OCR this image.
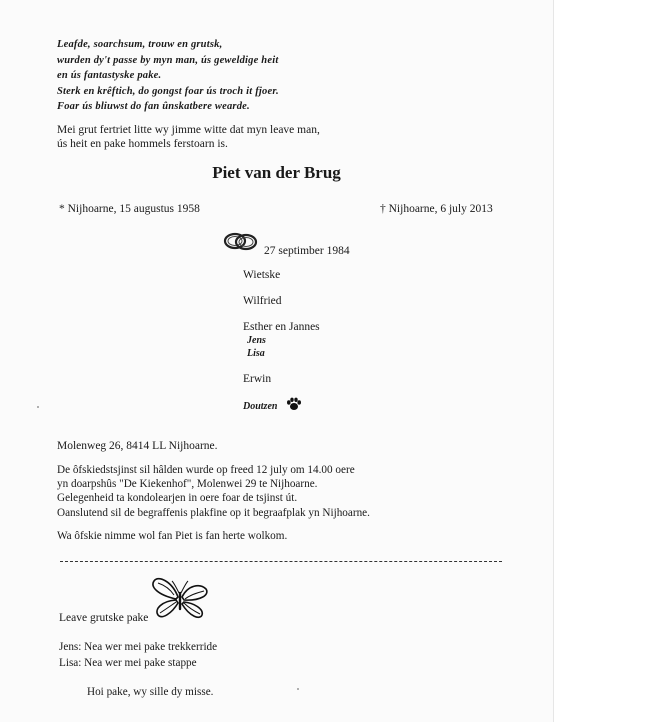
Leafde, soarchsum, trouw en grutsk,
wurden dy't passe by myn man, ús geweldige heit
en ús fantastyske pake.
Sterk en krêftich, do gongst foar ús troch it fjoer.
Foar ús bliuwst do fan ûnskatbere wearde.
Mei grut fertriet litte wy jimme witte dat myn leave man,
ús heit en pake hommels ferstoarn is.
Piet van der Brug
* Nijhoarne, 15 augustus 1958	† Nijhoarne, 6 july 2013
27 septimber 1984
Wietske
Wilfried
Esther en Jannes
Jens
Lisa
Erwin
Doutzen
Molenweg 26, 8414 LL Nijhoarne.
De ôfskiedstsjinst sil hâlden wurde op freed 12 july om 14.00 oere
yn doarpshûs "De Kiekenhof", Molenwei 29 te Nijhoarne.
Gelegenheid ta kondolearjen in oere foar de tsjinst út.
Oanslutend sil de begraffenis plakfine op it begraafplak yn Nijhoarne.
Wa ôfskie nimme wol fan Piet is fan herte wolkom.
Leave grutske pake
Jens: Nea wer mei pake trekkerride
Lisa: Nea wer mei pake stappe
Hoi pake, wy sille dy misse.
